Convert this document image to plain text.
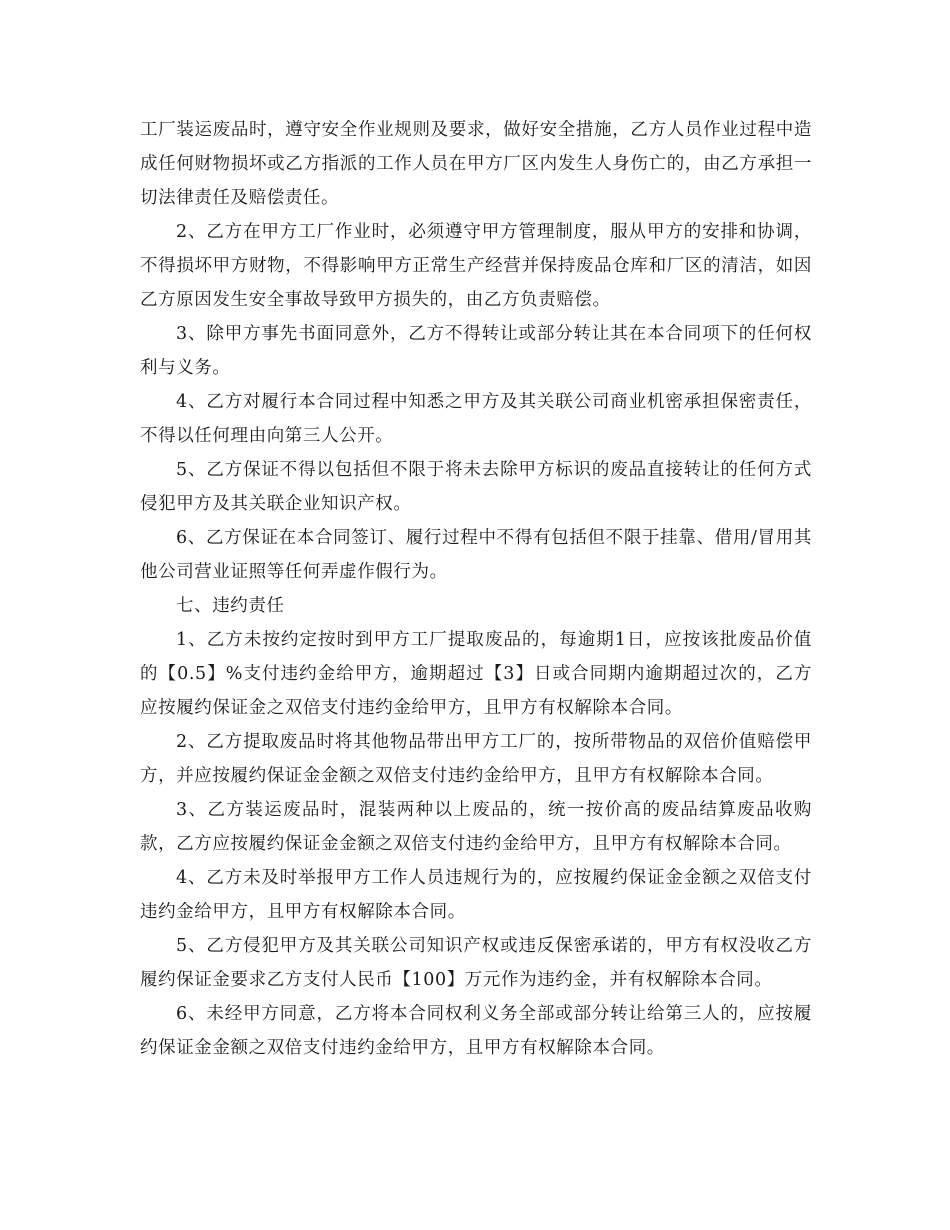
工厂装运废品时，遵守安全作业规则及要求，做好安全措施，乙方人员作业过程中造成任何财物损坏或乙方指派的工作人员在甲方厂区内发生人身伤亡的，由乙方承担一切法律责任及赔偿责任。

2、乙方在甲方工厂作业时，必须遵守甲方管理制度，服从甲方的安排和协调，不得损坏甲方财物，不得影响甲方正常生产经营并保持废品仓库和厂区的清洁，如因乙方原因发生安全事故导致甲方损失的，由乙方负责赔偿。

3、除甲方事先书面同意外，乙方不得转让或部分转让其在本合同项下的任何权利与义务。

4、乙方对履行本合同过程中知悉之甲方及其关联公司商业机密承担保密责任，不得以任何理由向第三人公开。

5、乙方保证不得以包括但不限于将未去除甲方标识的废品直接转让的任何方式侵犯甲方及其关联企业知识产权。

6、乙方保证在本合同签订、履行过程中不得有包括但不限于挂靠、借用/冒用其他公司营业证照等任何弄虚作假行为。

七、违约责任

1、乙方未按约定按时到甲方工厂提取废品的，每逾期1日，应按该批废品价值的【0.5】%支付违约金给甲方，逾期超过【3】日或合同期内逾期超过次的，乙方应按履约保证金之双倍支付违约金给甲方，且甲方有权解除本合同。

2、乙方提取废品时将其他物品带出甲方工厂的，按所带物品的双倍价值赔偿甲方，并应按履约保证金金额之双倍支付违约金给甲方，且甲方有权解除本合同。

3、乙方装运废品时，混装两种以上废品的，统一按价高的废品结算废品收购款，乙方应按履约保证金金额之双倍支付违约金给甲方，且甲方有权解除本合同。

4、乙方未及时举报甲方工作人员违规行为的，应按履约保证金金额之双倍支付违约金给甲方，且甲方有权解除本合同。

5、乙方侵犯甲方及其关联公司知识产权或违反保密承诺的，甲方有权没收乙方履约保证金要求乙方支付人民币【100】万元作为违约金，并有权解除本合同。

6、未经甲方同意，乙方将本合同权利义务全部或部分转让给第三人的，应按履约保证金金额之双倍支付违约金给甲方，且甲方有权解除本合同。
